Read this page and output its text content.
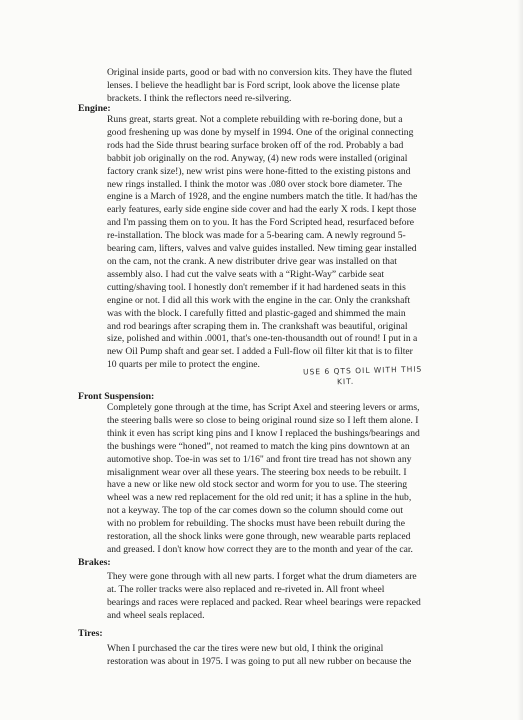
Original inside parts, good or bad with no conversion kits. They have the fluted
lenses. I believe the headlight bar is Ford script, look above the license plate
brackets. I think the reflectors need re-silvering.
Engine:
Runs great, starts great. Not a complete rebuilding with re-boring done, but a
good freshening up was done by myself in 1994. One of the original connecting
rods had the Side thrust bearing surface broken off of the rod. Probably a bad
babbit job originally on the rod. Anyway, (4) new rods were installed (original
factory crank size!), new wrist pins were hone-fitted to the existing pistons and
new rings installed. I think the motor was .080 over stock bore diameter. The
engine is a March of 1928, and the engine numbers match the title. It had/has the
early features, early side engine side cover and had the early X rods. I kept those
and I'm passing them on to you. It has the Ford Scripted head, resurfaced before
re-installation. The block was made for a 5-bearing cam. A newly reground 5-
bearing cam, lifters, valves and valve guides installed. New timing gear installed
on the cam, not the crank. A new distributer drive gear was installed on that
assembly also. I had cut the valve seats with a “Right-Way” carbide seat
cutting/shaving tool. I honestly don't remember if it had hardened seats in this
engine or not. I did all this work with the engine in the car. Only the crankshaft
was with the block. I carefully fitted and plastic-gaged and shimmed the main
and rod bearings after scraping them in. The crankshaft was beautiful, original
size, polished and within .0001, that's one-ten-thousandth out of round! I put in a
new Oil Pump shaft and gear set. I added a Full-flow oil filter kit that is to filter
10 quarts per mile to protect the engine.	USE 6 QTS OIL WITH THIS
KIT.
Front Suspension:
Completely gone through at the time, has Script Axel and steering levers or arms,
the steering balls were so close to being original round size so I left them alone. I
think it even has script king pins and I know I replaced the bushings/bearings and
the bushings were “honed”, not reamed to match the king pins downtown at an
automotive shop. Toe-in was set to 1/16" and front tire tread has not shown any
misalignment wear over all these years. The steering box needs to be rebuilt. I
have a new or like new old stock sector and worm for you to use. The steering
wheel was a new red replacement for the old red unit; it has a spline in the hub,
not a keyway. The top of the car comes down so the column should come out
with no problem for rebuilding. The shocks must have been rebuilt during the
restoration, all the shock links were gone through, new wearable parts replaced
and greased. I don't know how correct they are to the month and year of the car.
Brakes:
They were gone through with all new parts. I forget what the drum diameters are
at. The roller tracks were also replaced and re-riveted in. All front wheel
bearings and races were replaced and packed. Rear wheel bearings were repacked
and wheel seals replaced.
Tires:
When I purchased the car the tires were new but old, I think the original
restoration was about in 1975. I was going to put all new rubber on because the
